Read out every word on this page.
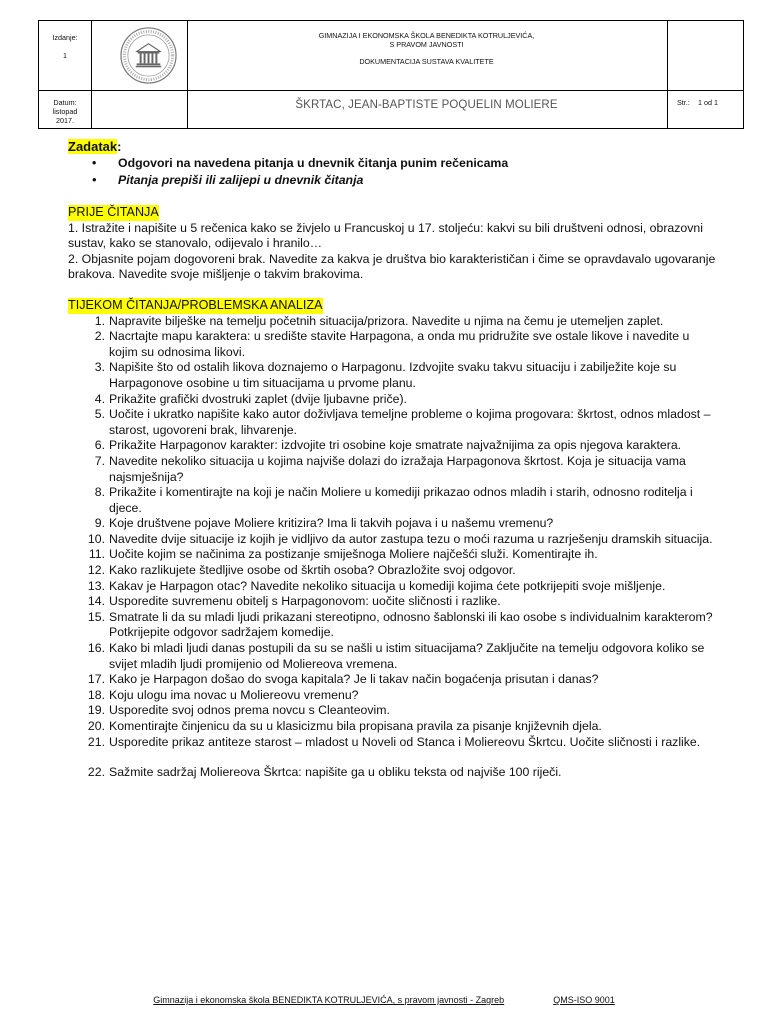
Izdanje:
1
GIMNAZIJA I EKONOMSKA ŠKOLA BENEDIKTA KOTRULJEVIĆA,
S PRAVOM JAVNOSTI
DOKUMENTACIJA SUSTAVA KVALITETE
Datum:
listopad
2017.
ŠKRTAC, JEAN-BAPTISTE POQUELIN MOLIERE	Str.: 1 od 1
Zadatak:
• Odgovori na navedena pitanja u dnevnik čitanja punim rečenicama
• Pitanja prepiši ili zalijepi u dnevnik čitanja
PRIJE ČITANJA

1. Istražite i napišite u 5 rečenica kako se živjelo u Francuskoj u 17. stoljeću: kakvi su bili društveni odnosi, obrazovni sustav, kako se stanovalo, odijevalo i hranilo…

2. Objasnite pojam dogovoreni brak. Navedite za kakva je društva bio karakterističan i čime se opravdavalo ugovaranje brakova. Navedite svoje mišljenje o takvim brakovima.

TIJEKOM ČITANJA/PROBLEMSKA ANALIZA
1. Napravite bilješke na temelju početnih situacija/prizora. Navedite u njima na čemu je utemeljen zaplet.
2. Nacrtajte mapu karaktera: u središte stavite Harpagona, a onda mu pridružite sve ostale likove i navedite u kojim su odnosima likovi.
3. Napišite što od ostalih likova doznajemo o Harpagonu. Izdvojite svaku takvu situaciju i zabilježite koje su Harpagonove osobine u tim situacijama u prvome planu.
4. Prikažite grafički dvostruki zaplet (dvije ljubavne priče).
5. Uočite i ukratko napišite kako autor doživljava temeljne probleme o kojima progovara: škrtost, odnos mladost – starost, ugovoreni brak, lihvarenje.
6. Prikažite Harpagonov karakter: izdvojite tri osobine koje smatrate najvažnijima za opis njegova karaktera.
7. Navedite nekoliko situacija u kojima najviše dolazi do izražaja Harpagonova škrtost. Koja je situacija vama najsmješnija?
8. Prikažite i komentirajte na koji je način Moliere u komediji prikazao odnos mladih i starih, odnosno roditelja i djece.
9. Koje društvene pojave Moliere kritizira? Ima li takvih pojava i u našemu vremenu?
10. Navedite dvije situacije iz kojih je vidljivo da autor zastupa tezu o moći razuma u razrješenju dramskih situacija.
11. Uočite kojim se načinima za postizanje smiješnoga Moliere najčešći služi. Komentirajte ih.
12. Kako razlikujete štedljive osobe od škrtih osoba? Obrazložite svoj odgovor.
13. Kakav je Harpagon otac? Navedite nekoliko situacija u komediji kojima ćete potkrijepiti svoje mišljenje.
14. Usporedite suvremenu obitelj s Harpagonovom: uočite sličnosti i razlike.
15. Smatrate li da su mladi ljudi prikazani stereotipno, odnosno šablonski ili kao osobe s individualnim karakterom? Potkrijepite odgovor sadržajem komedije.
16. Kako bi mladi ljudi danas postupili da su se našli u istim situacijama? Zaključite na temelju odgovora koliko se svijet mladih ljudi promijenio od Moliereova vremena.
17. Kako je Harpagon došao do svoga kapitala? Je li takav način bogaćenja prisutan i danas?
18. Koju ulogu ima novac u Moliereovu vremenu?
19. Usporedite svoj odnos prema novcu s Cleanteovim.
20. Komentirajte činjenicu da su u klasicizmu bila propisana pravila za pisanje književnih djela.
21. Usporedite prikaz antiteze starost – mladost u Noveli od Stanca i Moliereovu Škrtcu. Uočite sličnosti i razlike.
22. Sažmite sadržaj Moliereova Škrtca: napišite ga u obliku teksta od najviše 100 riječi.
Gimnazija i ekonomska škola BENEDIKTA KOTRULJEVIĆA, s pravom javnosti - Zagreb	QMS-ISO 9001
